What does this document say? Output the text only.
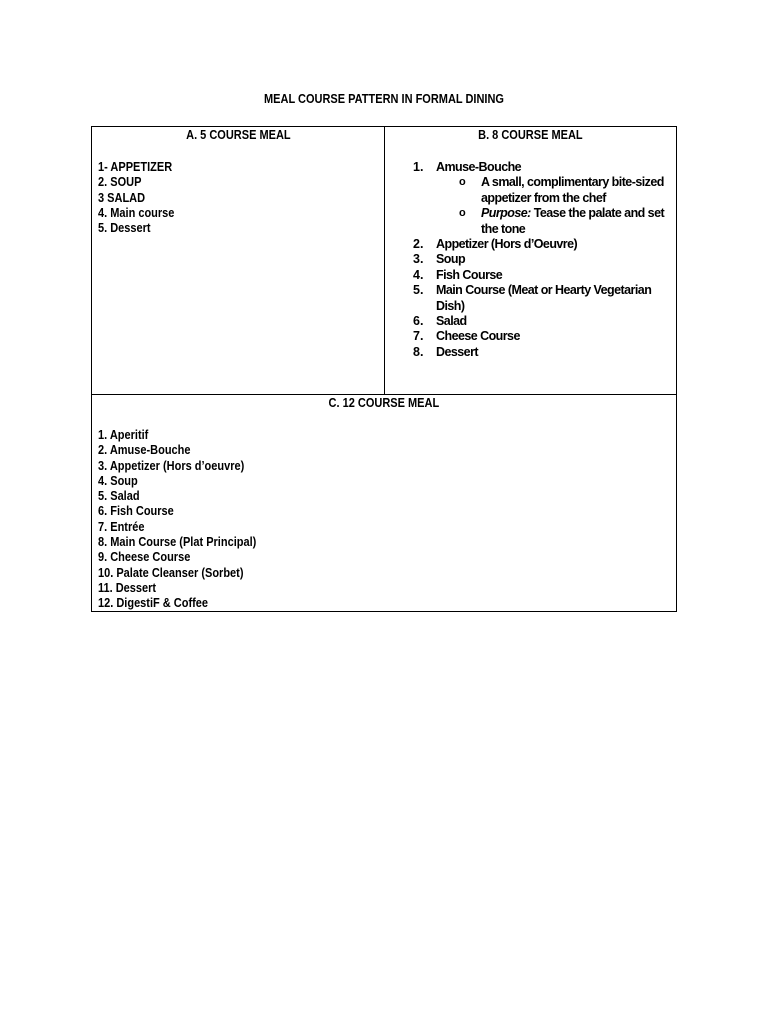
MEAL COURSE PATTERN IN FORMAL DINING
A. 5 COURSE MEAL
1- APPETIZER
2. SOUP
3 SALAD
4. Main course
5. Dessert
B. 8 COURSE MEAL
1. Amuse-Bouche
o A small, complimentary bite-sized appetizer from the chef
o Purpose: Tease the palate and set the tone
2. Appetizer (Hors d’Oeuvre)
3. Soup
4. Fish Course
5. Main Course (Meat or Hearty Vegetarian Dish)
6. Salad
7. Cheese Course
8. Dessert
C. 12 COURSE MEAL
1. Aperitif
2. Amuse-Bouche
3. Appetizer (Hors d’oeuvre)
4. Soup
5. Salad
6. Fish Course
7. Entrée
8. Main Course (Plat Principal)
9. Cheese Course
10. Palate Cleanser (Sorbet)
11. Dessert
12. DigestiF & Coffee
